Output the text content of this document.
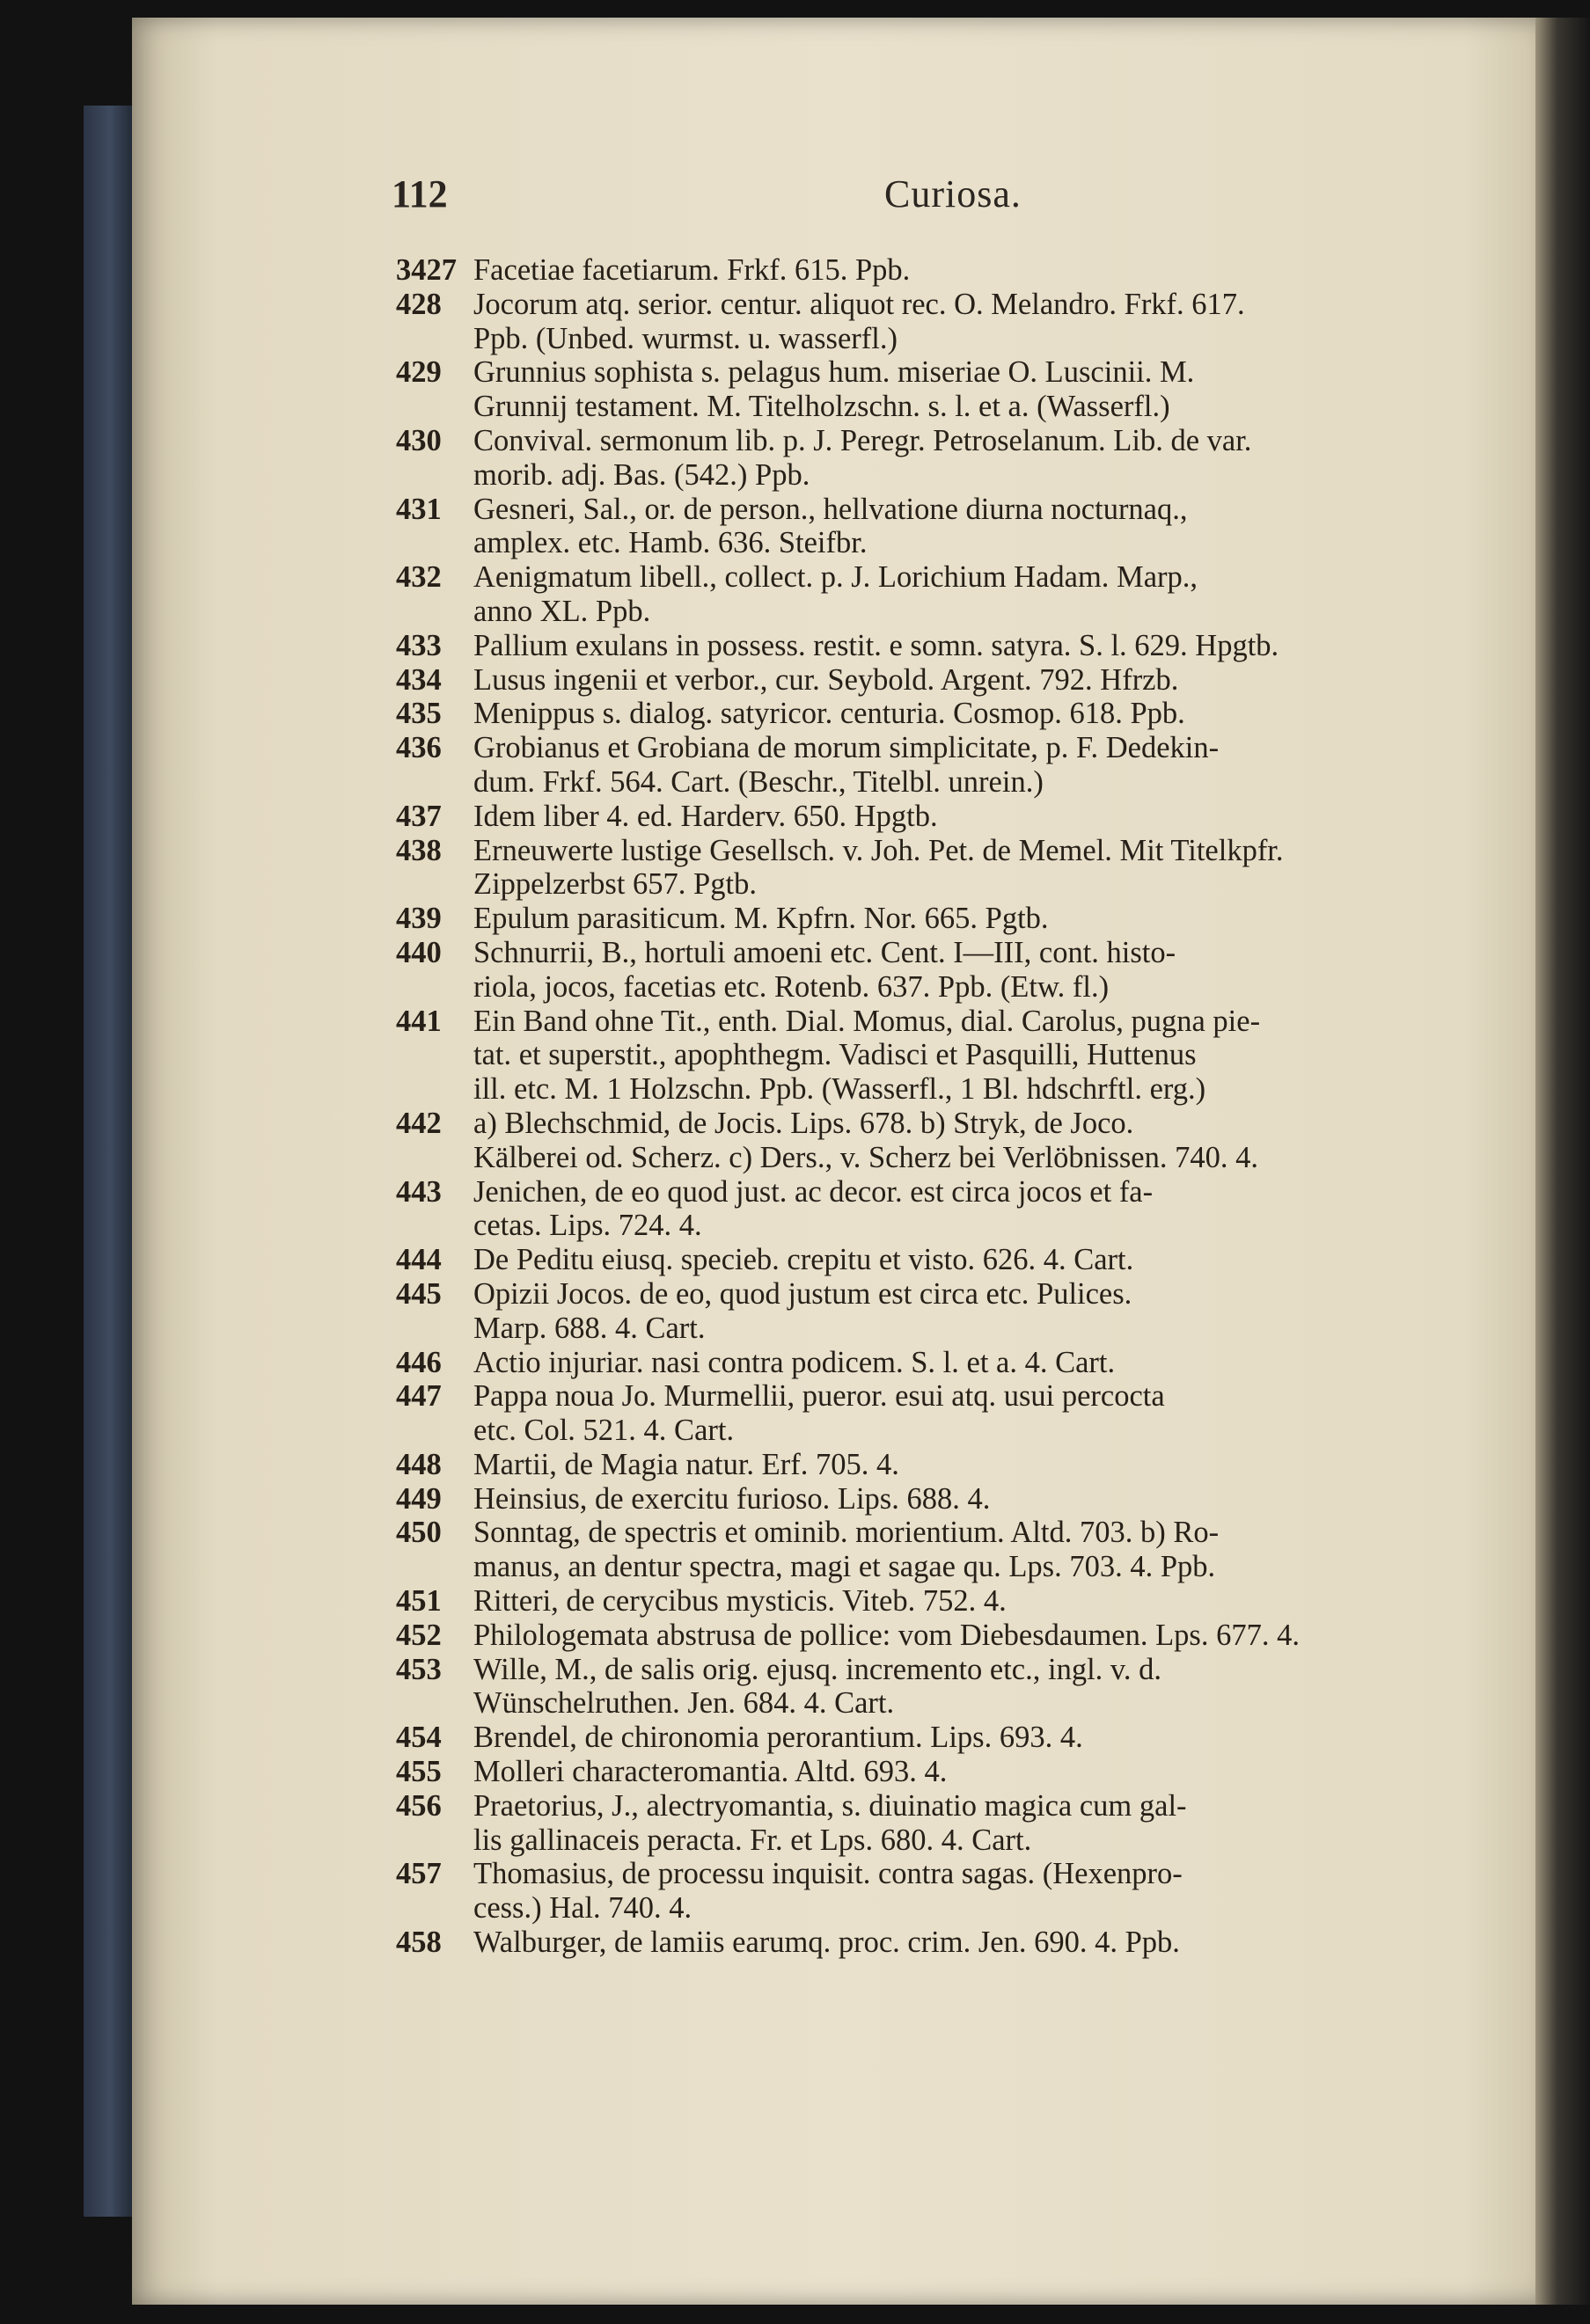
112	Curiosa.
3427 Facetiae facetiarum. Frkf. 615. Ppb.
428	Jocorum atq. serior. centur. aliquot rec. O. Melandro. Frkf. 617.
Ppb. (Unbed. wurmst. u. wasserfl.)
429	Grunnius sophista s. pelagus hum. miseriae O. Luscinii. M.
Grunnij testament. M. Titelholzschn. s. l. et a. (Wasserfl.)
430	Convival. sermonum lib. p. J. Peregr. Petroselanum. Lib. de var.
morib. adj. Bas. (542.) Ppb.
431	Gesneri, Sal., or. de person., hellvatione diurna nocturnaq.,
amplex. etc. Hamb. 636. Steifbr.
432	Aenigmatum libell., collect. p. J. Lorichium Hadam. Marp.,
anno XL. Ppb.
433	Pallium exulans in possess. restit. e somn. satyra. S. l. 629. Hpgtb.
434	Lusus ingenii et verbor., cur. Seybold. Argent. 792. Hfrzb.
435	Menippus s. dialog. satyricor. centuria. Cosmop. 618. Ppb.
436	Grobianus et Grobiana de morum simplicitate, p. F. Dedekin-
dum. Frkf. 564. Cart. (Beschr., Titelbl. unrein.)
437	Idem liber 4. ed. Harderv. 650. Hpgtb.
438	Erneuwerte lustige Gesellsch. v. Joh. Pet. de Memel. Mit Titelkpfr.
Zippelzerbst 657. Pgtb.
439	Epulum parasiticum. M. Kpfrn. Nor. 665. Pgtb.
440	Schnurrii, B., hortuli amoeni etc. Cent. I—III, cont. histo-
riola, jocos, facetias etc. Rotenb. 637. Ppb. (Etw. fl.)
441	Ein Band ohne Tit., enth. Dial. Momus, dial. Carolus, pugna pie-
tat. et superstit., apophthegm. Vadisci et Pasquilli, Huttenus
ill. etc. M. 1 Holzschn. Ppb. (Wasserfl., 1 Bl. hdschrftl. erg.)
442	a) Blechschmid, de Jocis. Lips. 678. b) Stryk, de Joco.
Kälberei od. Scherz. c) Ders., v. Scherz bei Verlöbnissen. 740. 4.
443	Jenichen, de eo quod just. ac decor. est circa jocos et fa-
cetas. Lips. 724. 4.
444	De Peditu eiusq. specieb. crepitu et visto. 626. 4. Cart.
445	Opizii Jocos. de eo, quod justum est circa etc. Pulices.
Marp. 688. 4. Cart.
446	Actio injuriar. nasi contra podicem. S. l. et a. 4. Cart.
447	Pappa noua Jo. Murmellii, pueror. esui atq. usui percocta
etc. Col. 521. 4. Cart.
448	Martii, de Magia natur. Erf. 705. 4.
449	Heinsius, de exercitu furioso. Lips. 688. 4.
450	Sonntag, de spectris et ominib. morientium. Altd. 703. b) Ro-
manus, an dentur spectra, magi et sagae qu. Lps. 703. 4. Ppb.
451	Ritteri, de cerycibus mysticis. Viteb. 752. 4.
452	Philologemata abstrusa de pollice: vom Diebesdaumen. Lps. 677. 4.
453	Wille, M., de salis orig. ejusq. incremento etc., ingl. v. d.
Wünschelruthen. Jen. 684. 4. Cart.
454	Brendel, de chironomia perorantium. Lips. 693. 4.
455	Molleri characteromantia. Altd. 693. 4.
456	Praetorius, J., alectryomantia, s. diuinatio magica cum gal-
lis gallinaceis peracta. Fr. et Lps. 680. 4. Cart.
457	Thomasius, de processu inquisit. contra sagas. (Hexenpro-
cess.) Hal. 740. 4.
458	Walburger, de lamiis earumq. proc. crim. Jen. 690. 4. Ppb.
